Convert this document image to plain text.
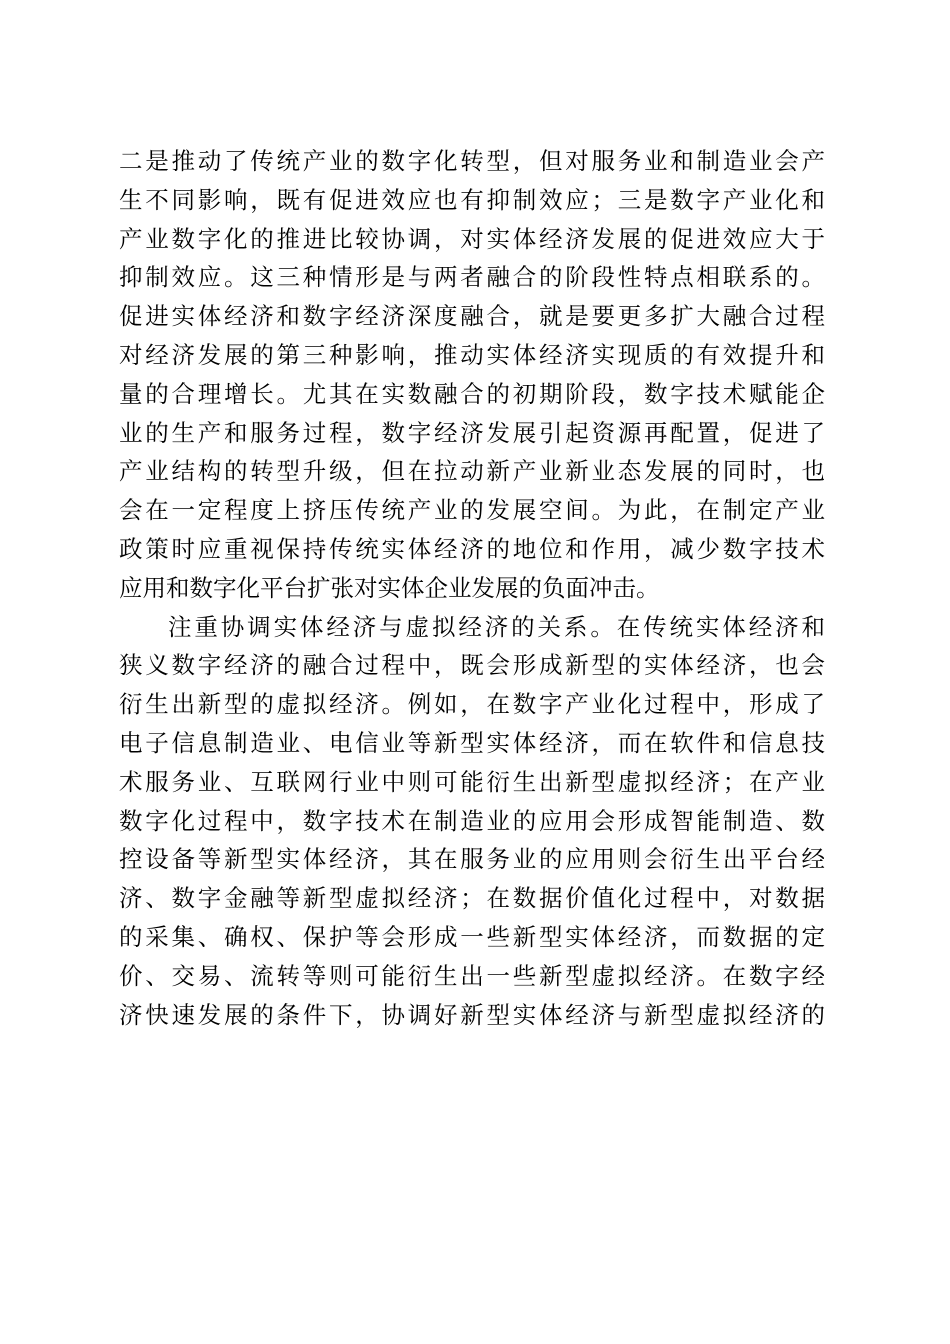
二是推动了传统产业的数字化转型，但对服务业和制造业会产
生不同影响，既有促进效应也有抑制效应；三是数字产业化和
产业数字化的推进比较协调，对实体经济发展的促进效应大于
抑制效应。这三种情形是与两者融合的阶段性特点相联系的。
促进实体经济和数字经济深度融合，就是要更多扩大融合过程
对经济发展的第三种影响，推动实体经济实现质的有效提升和
量的合理增长。尤其在实数融合的初期阶段，数字技术赋能企
业的生产和服务过程，数字经济发展引起资源再配置，促进了
产业结构的转型升级，但在拉动新产业新业态发展的同时，也
会在一定程度上挤压传统产业的发展空间。为此，在制定产业
政策时应重视保持传统实体经济的地位和作用，减少数字技术
应用和数字化平台扩张对实体企业发展的负面冲击。
注重协调实体经济与虚拟经济的关系。在传统实体经济和
狭义数字经济的融合过程中，既会形成新型的实体经济，也会
衍生出新型的虚拟经济。例如，在数字产业化过程中，形成了
电子信息制造业、电信业等新型实体经济，而在软件和信息技
术服务业、互联网行业中则可能衍生出新型虚拟经济；在产业
数字化过程中，数字技术在制造业的应用会形成智能制造、数
控设备等新型实体经济，其在服务业的应用则会衍生出平台经
济、数字金融等新型虚拟经济；在数据价值化过程中，对数据
的采集、确权、保护等会形成一些新型实体经济，而数据的定
价、交易、流转等则可能衍生出一些新型虚拟经济。在数字经
济快速发展的条件下，协调好新型实体经济与新型虚拟经济的
